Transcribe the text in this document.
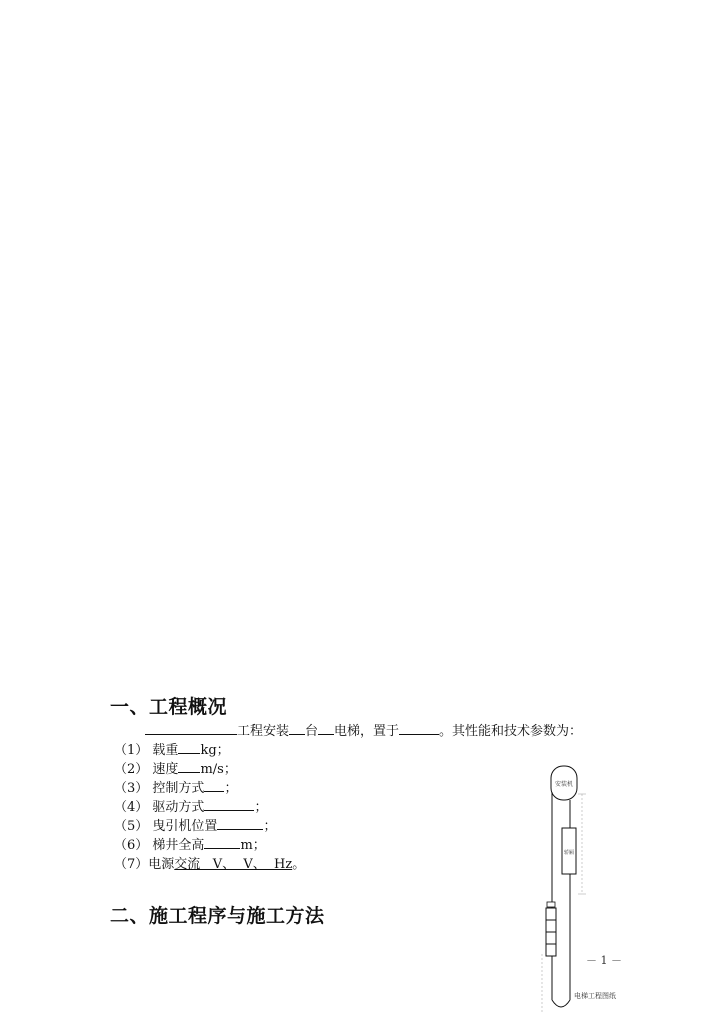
一、工程概况
工程安装 台 电梯，置于	。其性能和技术参数为：
（1） 载重 kg；
（2） 速度 m/s；
（3） 控制方式 ；
（4） 驱动方式	；
（5） 曳引机位置	；
（6） 梯井全高	m；
（7）电源交流   V、  V、  Hz。
二、施工程序与施工方法
安装机
轿厢
－ 1 －
电梯工程图纸
